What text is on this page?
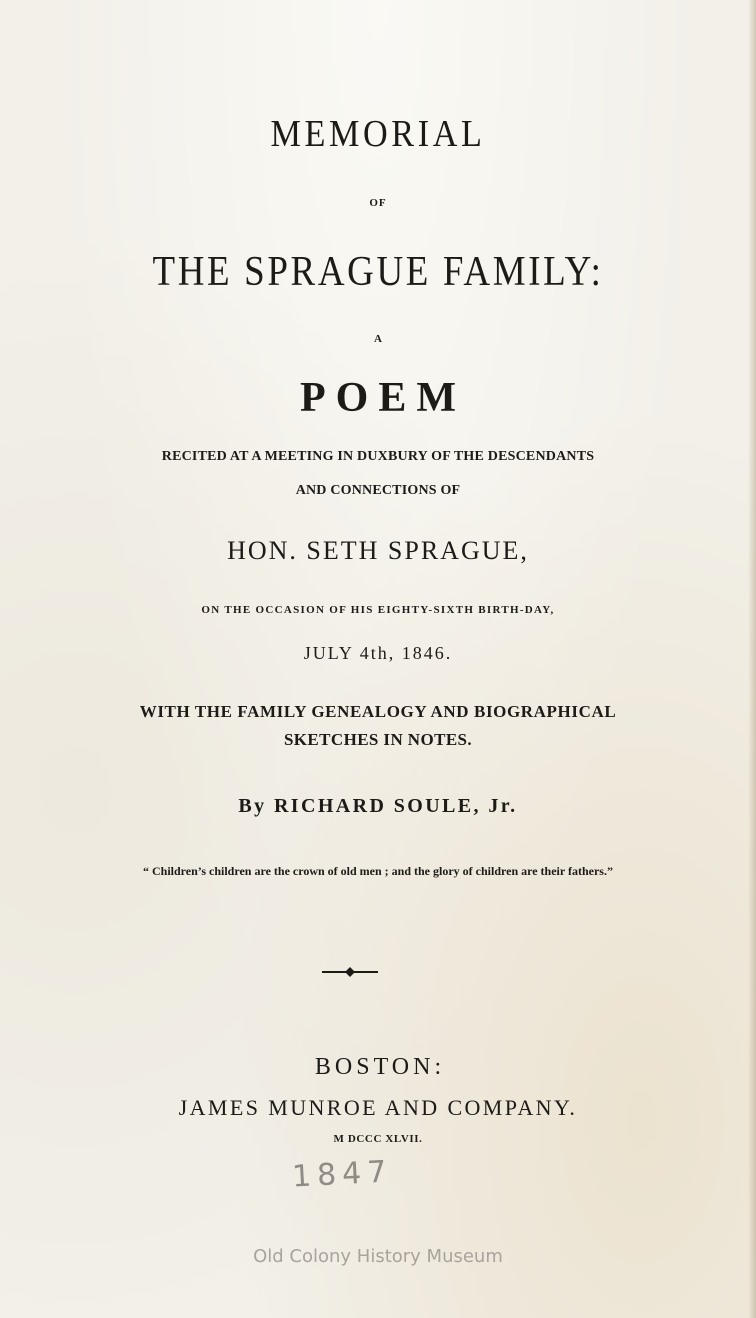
MEMORIAL
OF
THE SPRAGUE FAMILY:
A
POEM
RECITED AT A MEETING IN DUXBURY OF THE DESCENDANTS
AND CONNECTIONS OF
HON. SETH SPRAGUE,
ON THE OCCASION OF HIS EIGHTY-SIXTH BIRTH-DAY,
JULY 4th, 1846.
WITH THE FAMILY GENEALOGY AND BIOGRAPHICAL
SKETCHES IN NOTES.
By RICHARD SOULE, Jr.
“ Children’s children are the crown of old men ; and the glory of children are their fathers.”
BOSTON:
JAMES MUNROE AND COMPANY.
M DCCC XLVII.
1847
Old Colony History Museum
